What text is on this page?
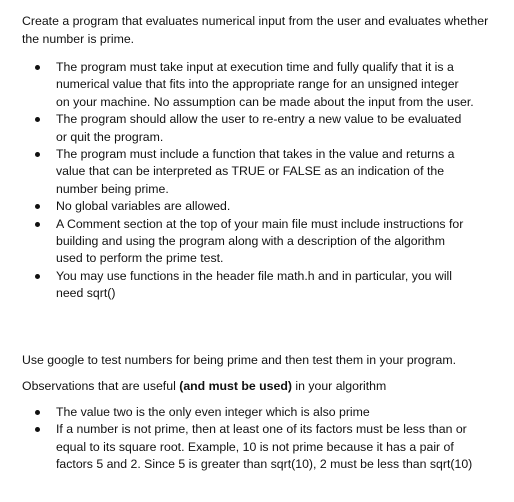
Create a program that evaluates numerical input from the user and evaluates whether the number is prime.

The program must take input at execution time and fully qualify that it is a numerical value that fits into the appropriate range for an unsigned integer on your machine. No assumption can be made about the input from the user.
The program should allow the user to re-entry a new value to be evaluated or quit the program.
The program must include a function that takes in the value and returns a value that can be interpreted as TRUE or FALSE as an indication of the number being prime.
No global variables are allowed.
A Comment section at the top of your main file must include instructions for building and using the program along with a description of the algorithm used to perform the prime test.
You may use functions in the header file math.h and in particular, you will need sqrt()

Use google to test numbers for being prime and then test them in your program.

Observations that are useful (and must be used) in your algorithm

The value two is the only even integer which is also prime
If a number is not prime, then at least one of its factors must be less than or equal to its square root. Example, 10 is not prime because it has a pair of factors 5 and 2. Since 5 is greater than sqrt(10), 2 must be less than sqrt(10)
